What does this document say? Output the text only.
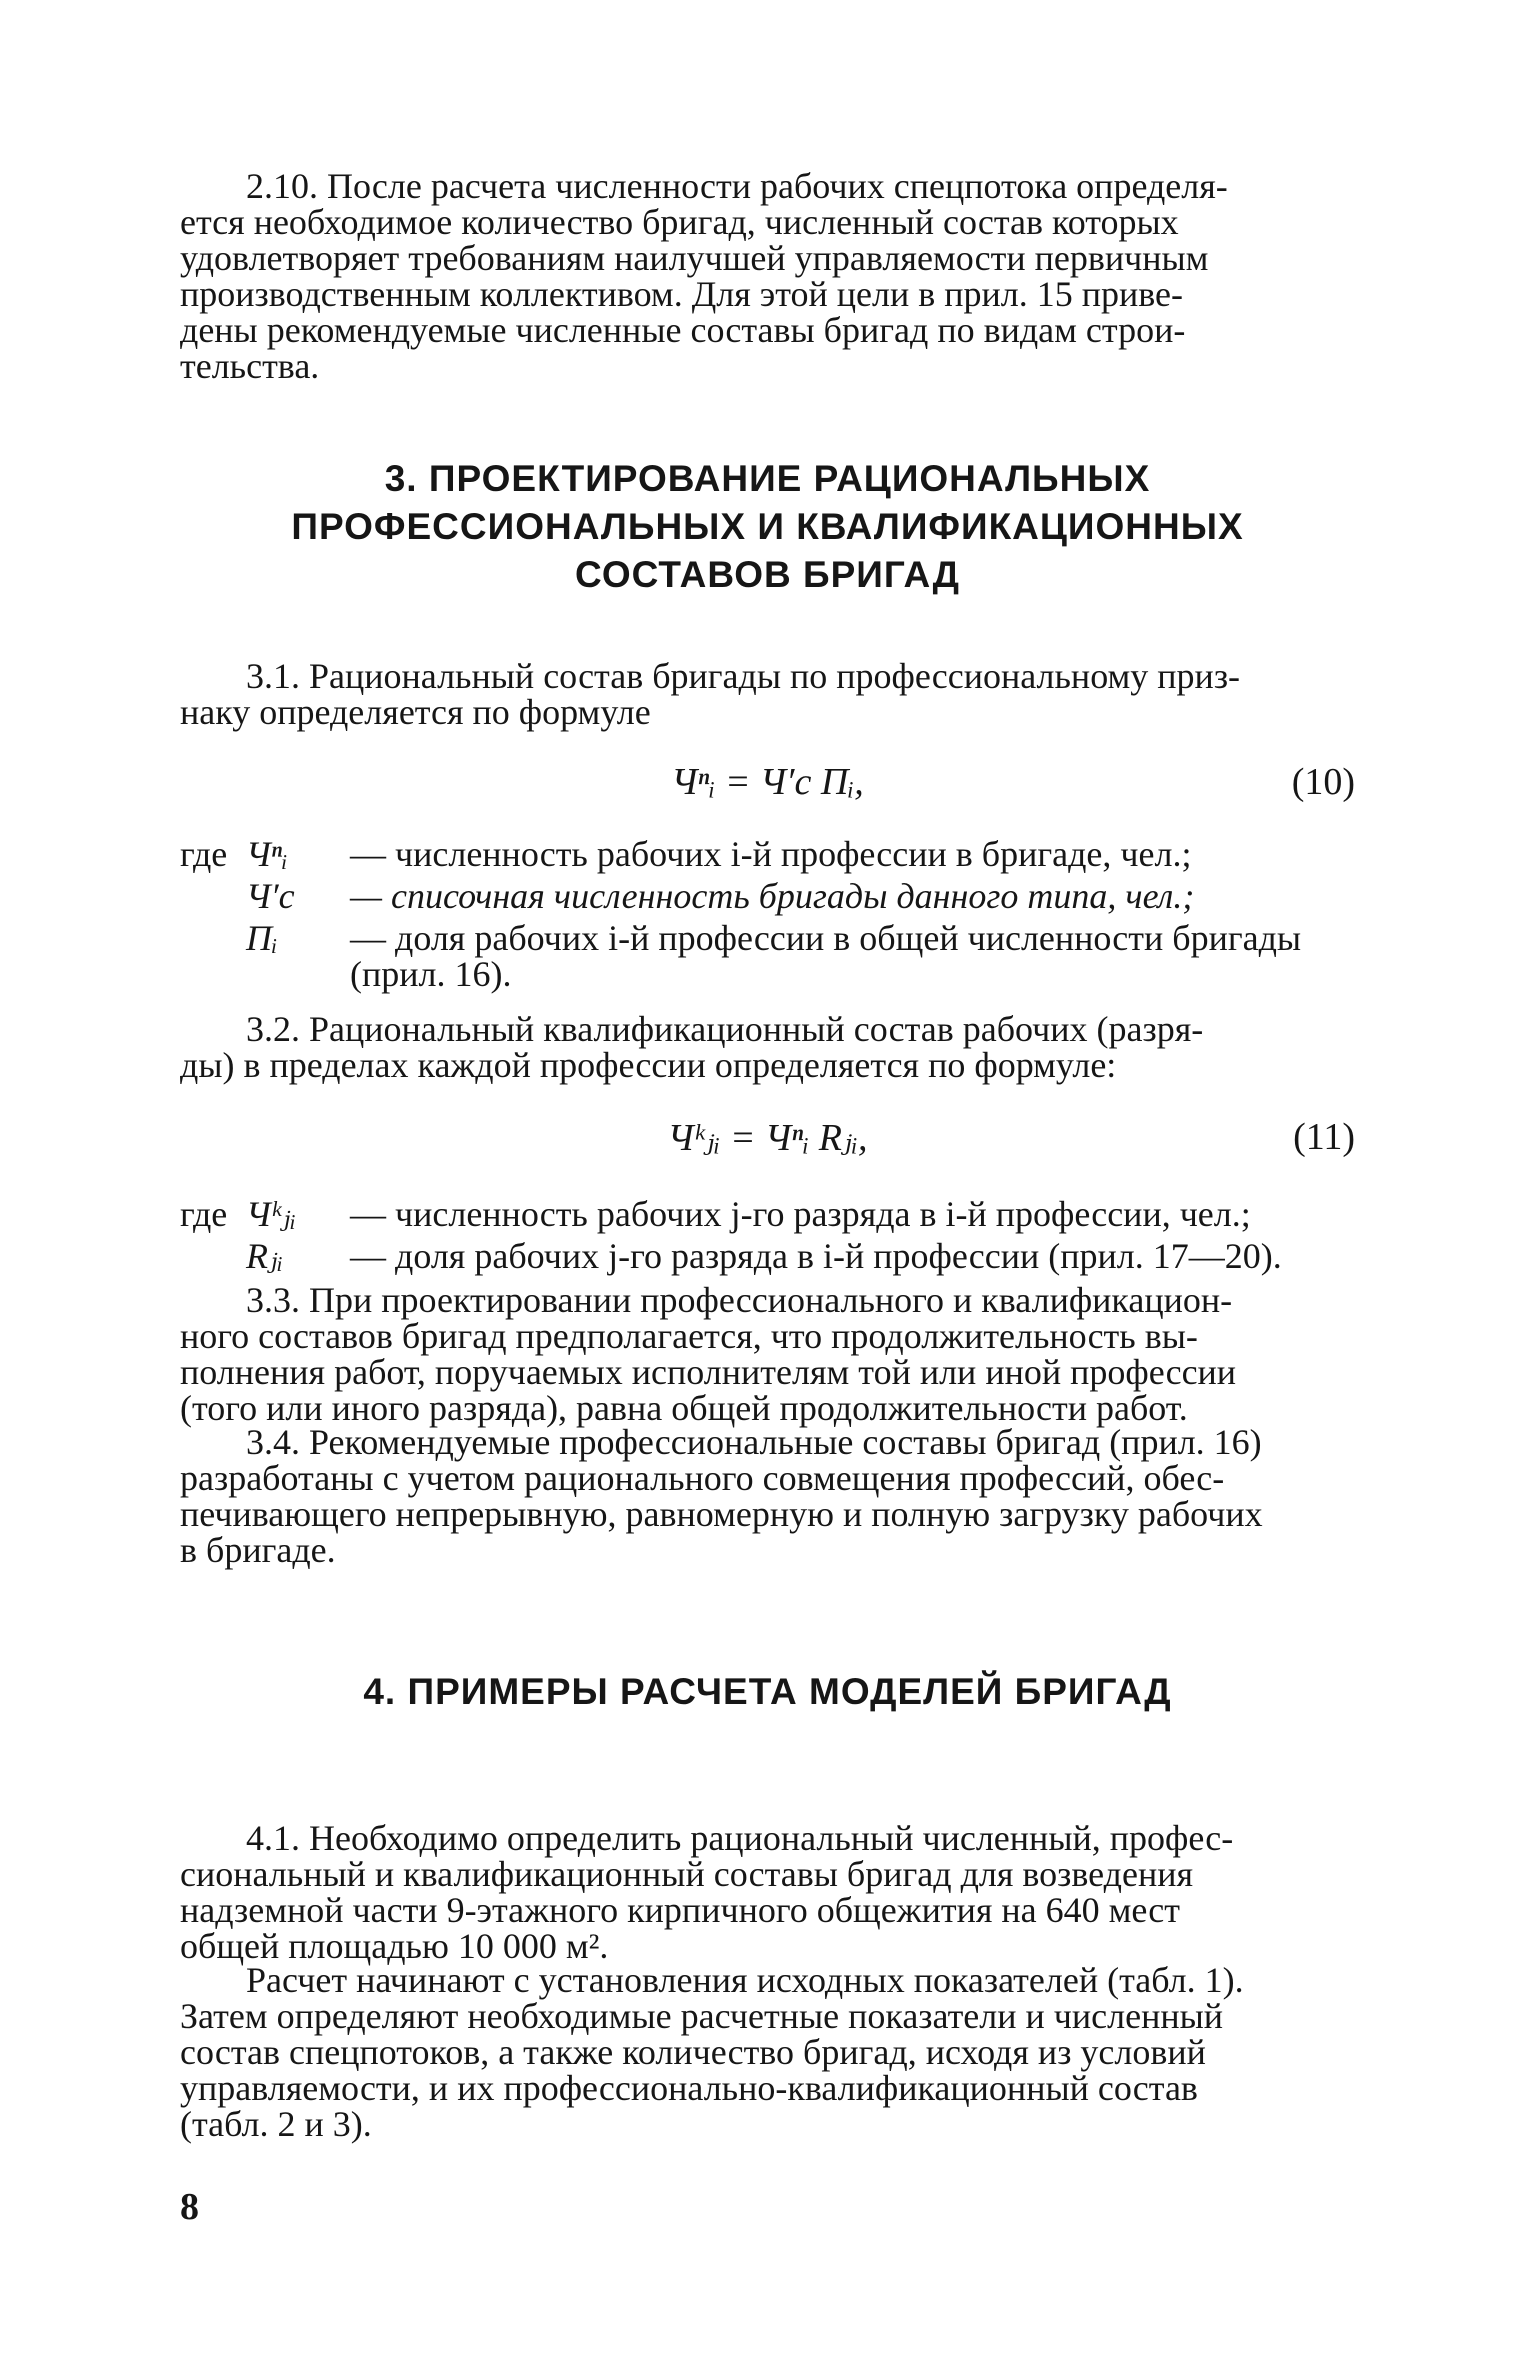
2.10. После расчета численности рабочих спецпотока определя-
ется необходимое количество бригад, численный состав которых
удовлетворяет требованиям наилучшей управляемости первичным
производственным коллективом. Для этой цели в прил. 15 приве-
дены рекомендуемые численные составы бригад по видам строи-
тельства.
3. ПРОЕКТИРОВАНИЕ РАЦИОНАЛЬНЫХ
ПРОФЕССИОНАЛЬНЫХ И КВАЛИФИКАЦИОННЫХ
СОСТАВОВ БРИГАД
3.1. Рациональный состав бригады по профессиональному приз-
наку определяется по формуле
Чⁿᵢ = Ч′с Пᵢ,	(10)
где Чⁿᵢ — численность рабочих i-й профессии в бригаде, чел.;
Ч′с — списочная численность бригады данного типа, чел.;
Пᵢ — доля рабочих i-й профессии в общей численности бригады (прил. 16).
3.2. Рациональный квалификационный состав рабочих (разря-
ды) в пределах каждой профессии определяется по формуле:
Чᵏⱼᵢ = Чⁿᵢ Rⱼᵢ,	(11)
где Чᵏⱼᵢ — численность рабочих j-го разряда в i-й профессии, чел.;
Rⱼᵢ — доля рабочих j-го разряда в i-й профессии (прил. 17—20).
3.3. При проектировании профессионального и квалификацион-
ного составов бригад предполагается, что продолжительность вы-
полнения работ, поручаемых исполнителям той или иной профессии
(того или иного разряда), равна общей продолжительности работ.
3.4. Рекомендуемые профессиональные составы бригад (прил. 16)
разработаны с учетом рационального совмещения профессий, обес-
печивающего непрерывную, равномерную и полную загрузку рабочих
в бригаде.
4. ПРИМЕРЫ РАСЧЕТА МОДЕЛЕЙ БРИГАД
4.1. Необходимо определить рациональный численный, профес-
сиональный и квалификационный составы бригад для возведения
надземной части 9-этажного кирпичного общежития на 640 мест
общей площадью 10 000 м².
Расчет начинают с установления исходных показателей (табл. 1).
Затем определяют необходимые расчетные показатели и численный
состав спецпотоков, а также количество бригад, исходя из условий
управляемости, и их профессионально-квалификационный состав
(табл. 2 и 3).
8
